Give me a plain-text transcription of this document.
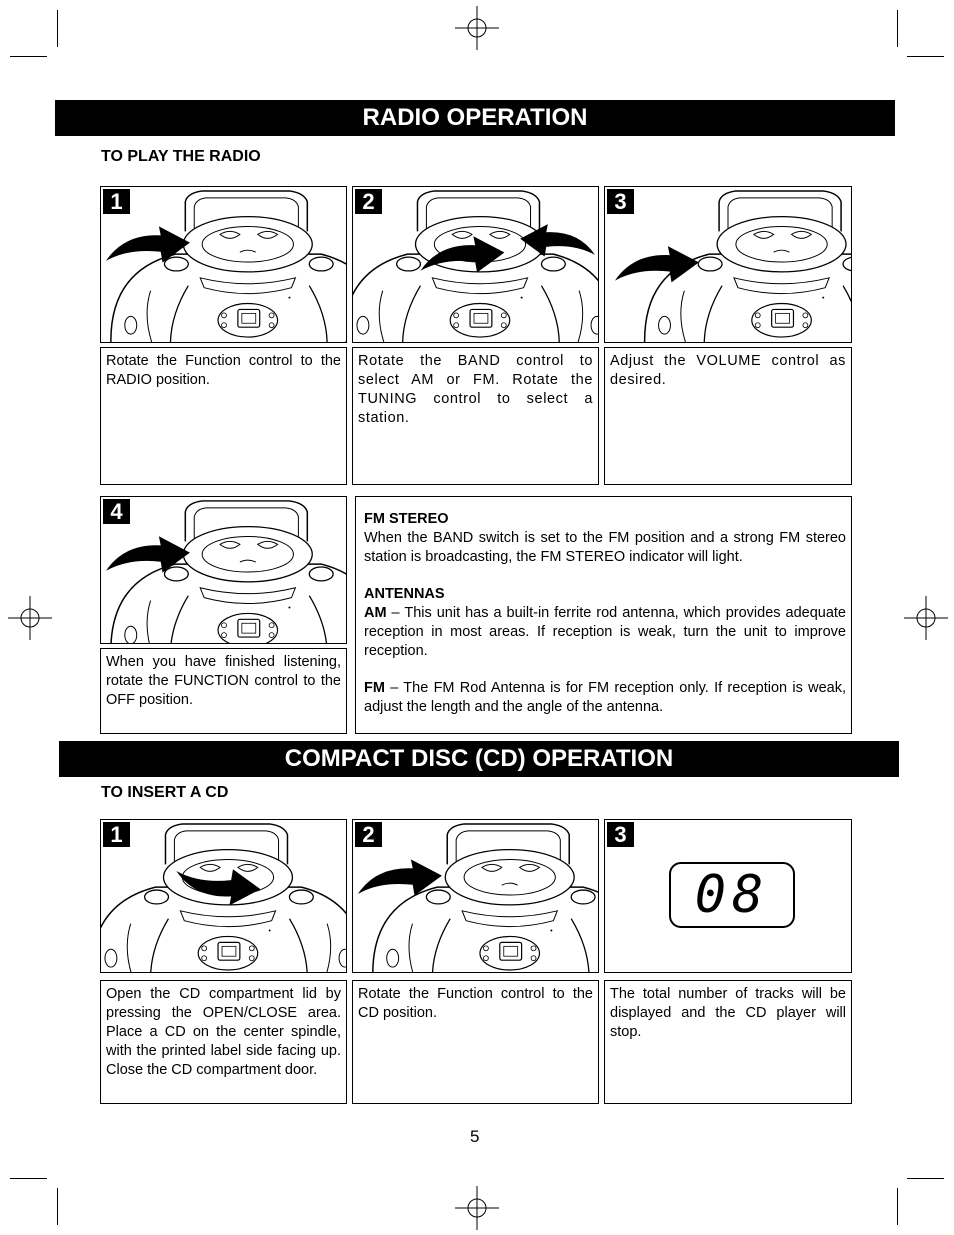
RADIO OPERATION
TO PLAY THE RADIO
1
Rotate the Function control to the RADIO position.
2
Rotate the BAND control to select AM or FM. Rotate the TUNING control to select a station.
3
Adjust the VOLUME control as desired.
4
When you have finished listening, rotate the FUNCTION control to the OFF position.

FM STEREO
When the BAND switch is set to the FM position and a strong FM stereo station is broadcasting, the FM STEREO indicator will light.

ANTENNAS
AM – This unit has a built-in ferrite rod antenna, which provides adequate reception in most areas. If reception is weak, turn the unit to improve reception.

FM – The FM Rod Antenna is for FM reception only. If reception is weak, adjust the length and the angle of the antenna.

COMPACT DISC (CD) OPERATION
TO INSERT A CD
1
Open the CD compartment lid by pressing the OPEN/CLOSE area. Place a CD on the center spindle, with the printed label side facing up. Close the CD compartment door.
2
Rotate the Function control to the CD position.
3
08
The total number of tracks will be displayed and the CD player will stop.
5
